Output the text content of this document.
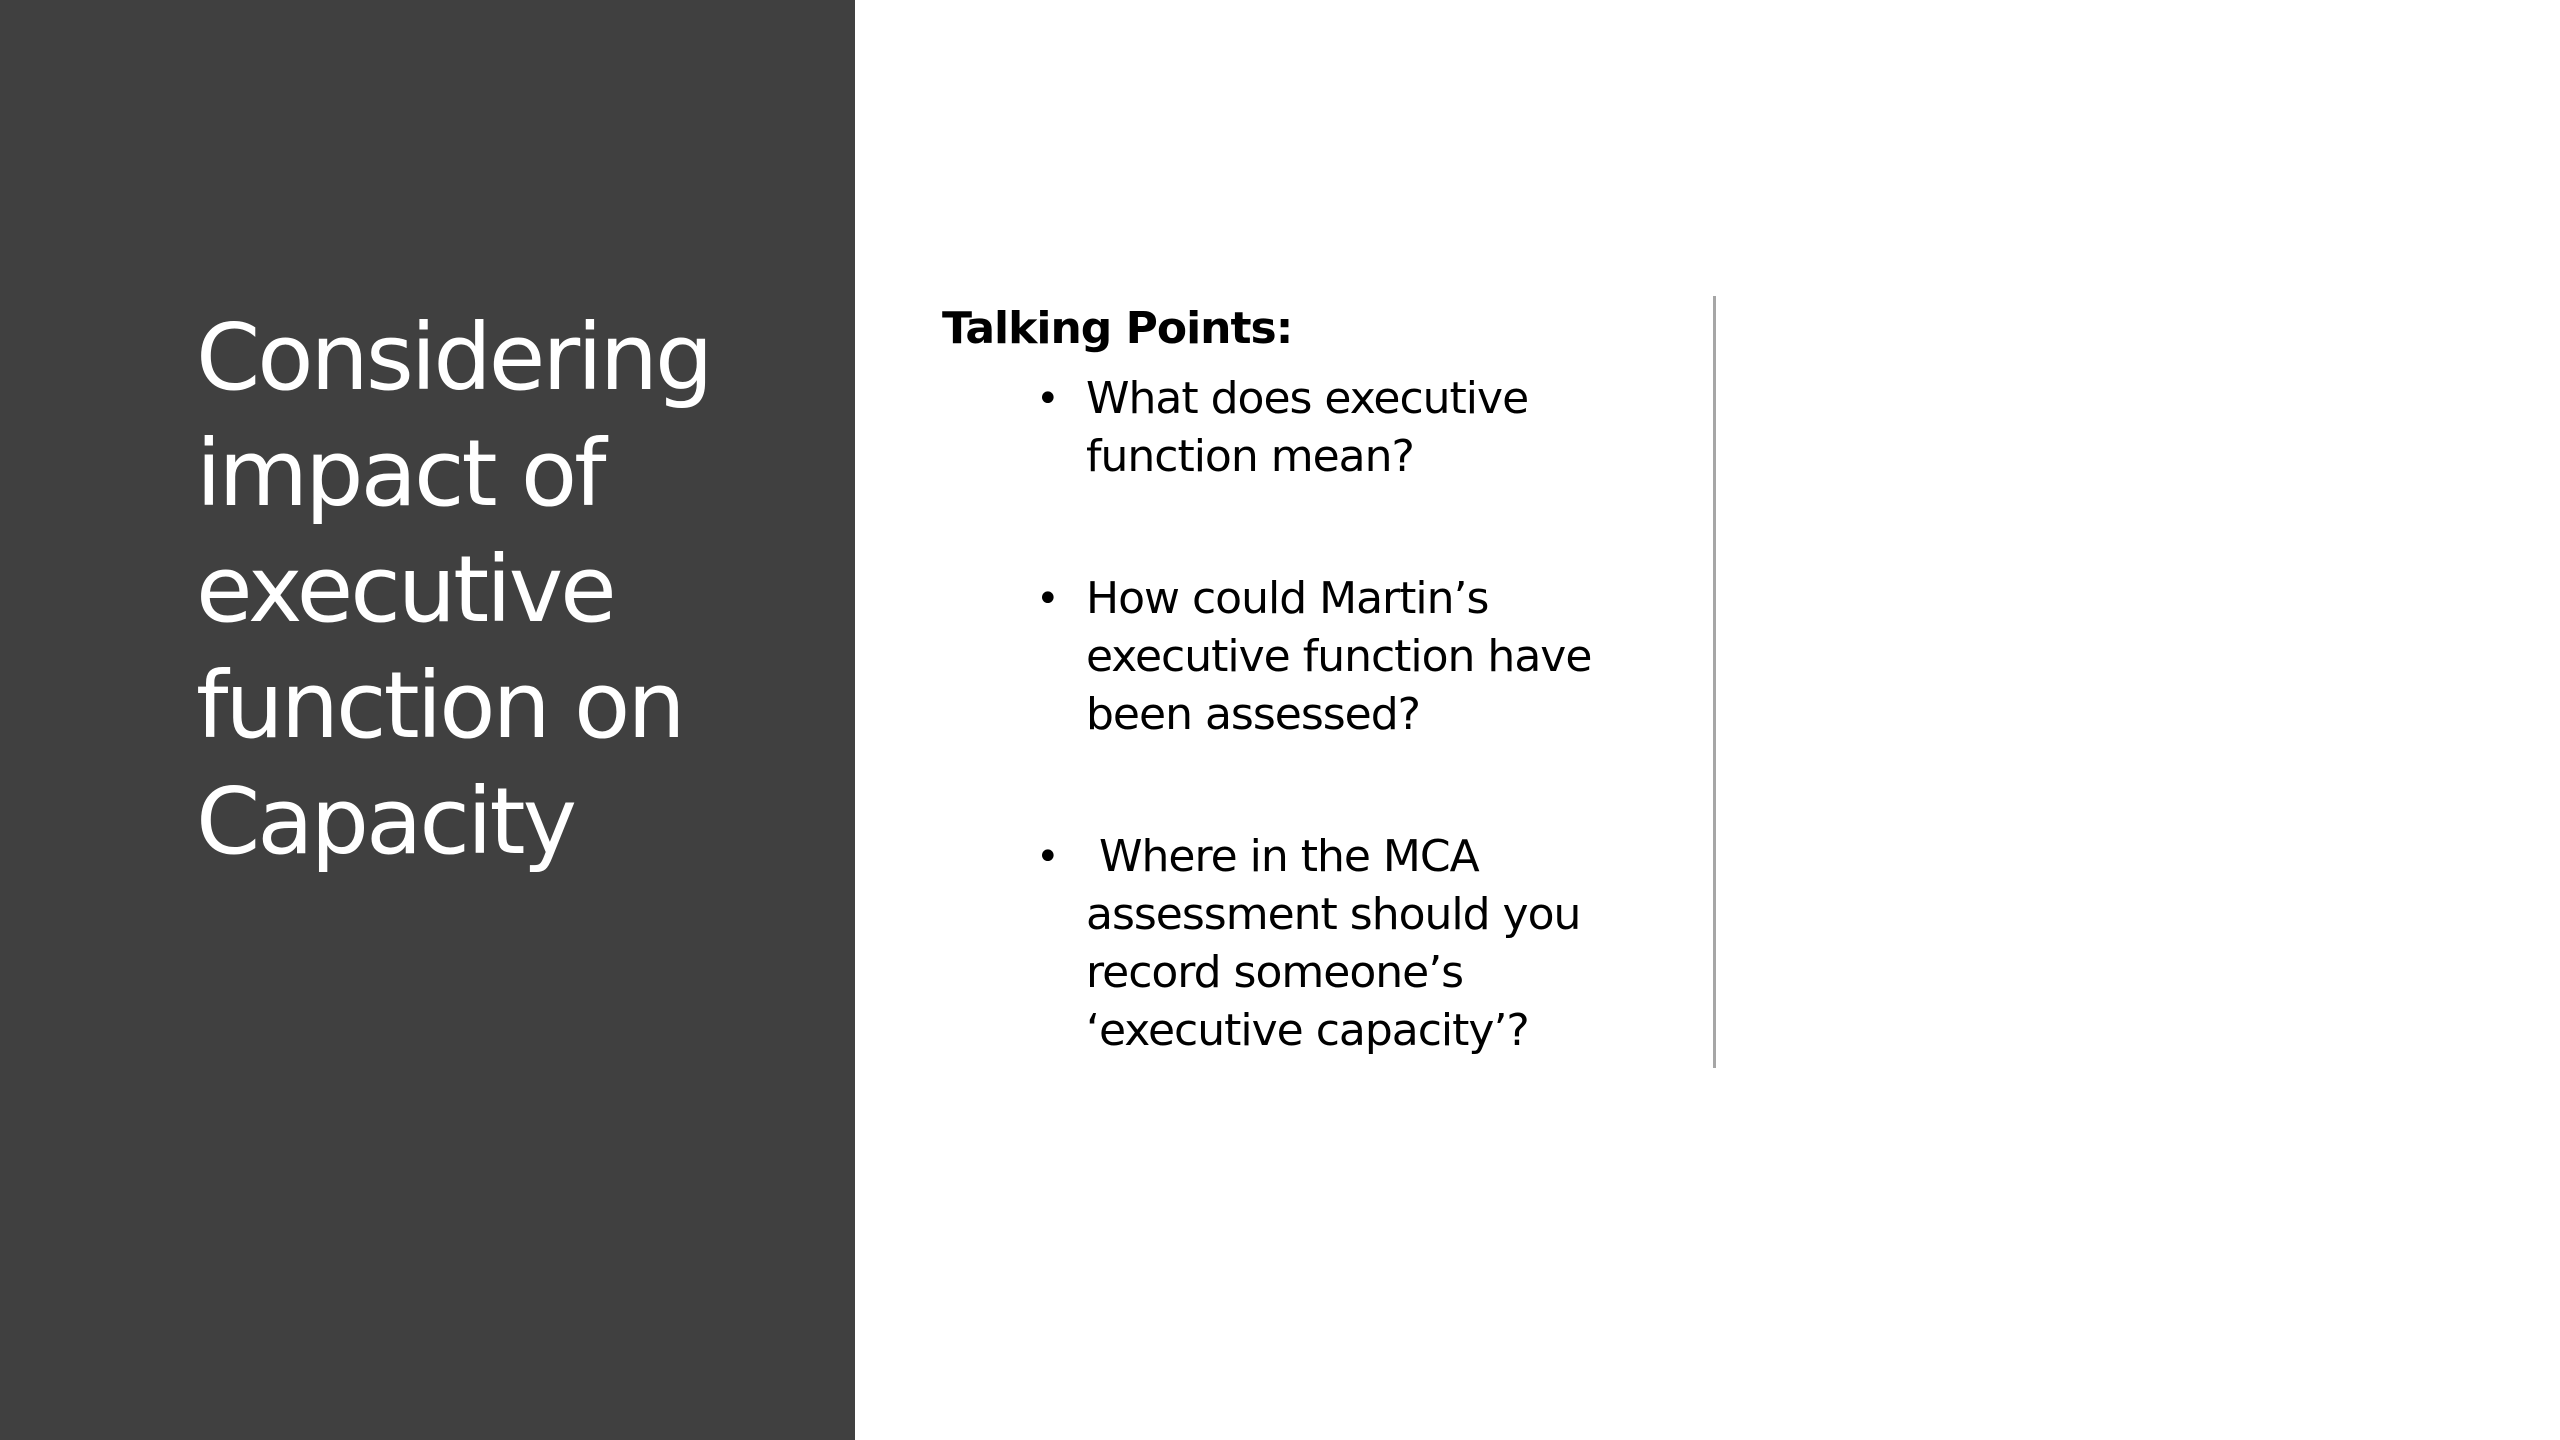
Considering impact of executive function on Capacity

Talking Points:

• What does executive function mean?
• How could Martin’s executive function have been assessed?
• Where in the MCA assessment should you record someone’s ‘executive capacity’?
